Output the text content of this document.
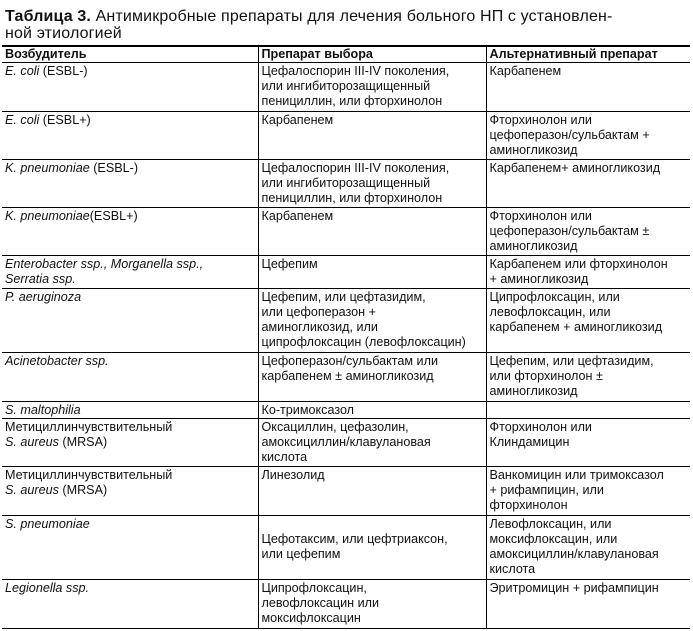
Таблица 3. Антимикробные препараты для лечения больного НП с установлен-
ной этиологией
Возбудитель	Препарат выбора	Альтернативный препарат

E. coli (ESBL-)	Цефалоспорин III-IV поколения,
или ингибиторозащищенный
пенициллин, или фторхинолон	Карбапенем

E. coli (ESBL+)	Карбапенем	Фторхинолон или
цефоперазон/сульбактам +
аминогликозид

K. pneumoniae (ESBL-)	Цефалоспорин III-IV поколения,
или ингибиторозащищенный
пенициллин, или фторхинолон	Карбапенем+ аминогликозид

K. pneumoniae(ESBL+)	Карбапенем	Фторхинолон или
цефоперазон/сульбактам ±
аминогликозид

Enterobacter ssp., Morganella ssp.,
Serratia ssp.	Цефепим	Карбапенем или фторхинолон
+ аминогликозид

P. aeruginoza	Цефепим, или цефтазидим,
или цефоперазон +
аминогликозид, или
ципрофлоксацин (левофлоксацин)	Ципрофлоксацин, или
левофлоксацин, или
карбапенем + аминогликозид

Acinetobacter ssp.	Цефоперазон/сульбактам или
карбапенем ± аминогликозид	Цефепим, или цефтазидим,
или фторхинолон ±
аминогликозид

S. maltophilia	Ко-тримоксазол	

Метициллинчувствительный
S. aureus (MRSA)	Оксациллин, цефазолин,
амоксициллин/клавулановая
кислота	Фторхинолон или
Клиндамицин

Метициллинчувствительный
S. aureus (MRSA)	Линезолид	Ванкомицин или тримоксазол
+ рифампицин, или
фторхинолон

S. pneumoniae	Цефотаксим, или цефтриаксон,
или цефепим	Левофлоксацин, или
моксифлоксацин, или
амоксициллин/клавулановая
кислота

Legionella ssp.	Ципрофлоксацин,
левофлоксацин или
моксифлоксацин	Эритромицин + рифампицин
